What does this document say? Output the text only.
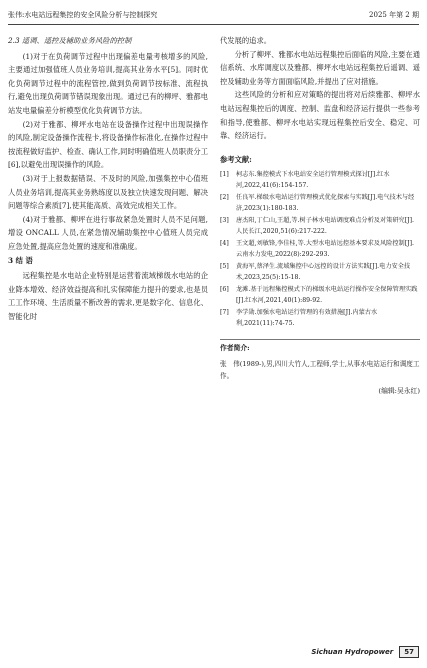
张伟:水电站远程集控的安全风险分析与控制探究	2025 年第 2 期
2.3 遥调、遥控及辅助业务风险的控制

(1)对于在负荷调节过程中出现偏差电量考核增多的风险,主要通过加强值班人员业务培训,提高其业务水平[5]。同时优化负荷调节过程中的流程管控,做到负荷调节按标准、流程执行,避免出现负荷调节错误现象出现。通过已有的柳坪、雅都电站发电量偏差分析模型优化负荷调节方法。

(2)对于雅都、柳坪水电站在设备操作过程中出现误操作的风险,制定设备操作流程卡,将设备操作标准化,在操作过程中按流程做好监护、检查、确认工作,同时明确值班人员职责分工[6],以避免出现误操作的风险。

(3)对于上报数据错误、不及时的风险,加强集控中心值班人员业务培训,提高其业务熟练度以及独立快速发现问题、解决问题等综合素质[7],使其能高质、高效完成相关工作。

(4)对于雅都、柳坪在进行事故紧急处置时人员不足问题,增设 ONCALL 人员,在紧急情况辅助集控中心值班人员完成应急处置,提高应急处置的速度和准确度。

3 结 语

远程集控是水电站企业特别是运营着流域梯级水电站的企业降本增效、经济效益提高和扎实保障能力提升的要求,也是员工工作环境、生活质量不断改善的需求,更是数字化、信息化、智能化时

代发展的追求。

分析了柳坪、雅都水电站远程集控后面临的风险,主要在通信系统、水库调度以及雅都、柳坪水电站远程集控后遥调、遥控及辅助业务等方面面临风险,并提出了应对措施。

这些风险的分析和应对策略的提出将对后续雅都、柳坪水电站远程集控后的调度、控制、监盘和经济运行提供一些参考和指导,使雅都、柳坪水电站实现远程集控后安全、稳定、可靠、经济运行。

参考文献:
[1]	柯志东.集控模式下水电站安全运行管理模式探讨[J].红水河,2022,41(6):154-157.
[2]	任良军.梯级水电站运行管理模式优化探索与实践[J].电气技术与经济,2023(1):180-183.
[3]	唐杰阳,丁仁山,王超,等.树子林水电站调度难点分析及对策研究[J].人民长江,2020,51(6):217-222.
[4]	王文超,刘敏锋,李佳桂,等.大型水电站远控基本要求及风险控制[J].云南水力发电,2022(8):292-293.
[5]	黄海军,蔡泽生.流域集控中心远控的设计方法实践[J].电力安全技术,2023,25(5):15-18.
[6]	龙滩.基于远程集控模式下的梯级水电站运行操作安全保障管理实践[J].红水河,2021,40(1):89-92.
[7]	李学勋.加强水电站运行管理的有效措施[J].内蒙古水利,2021(11):74-75.
作者简介:
张　伟(1989-),男,四川大竹人,工程师,学士,从事水电站运行和调度工作。
(编辑:吴永红)
Sichuan Hydropower	57
